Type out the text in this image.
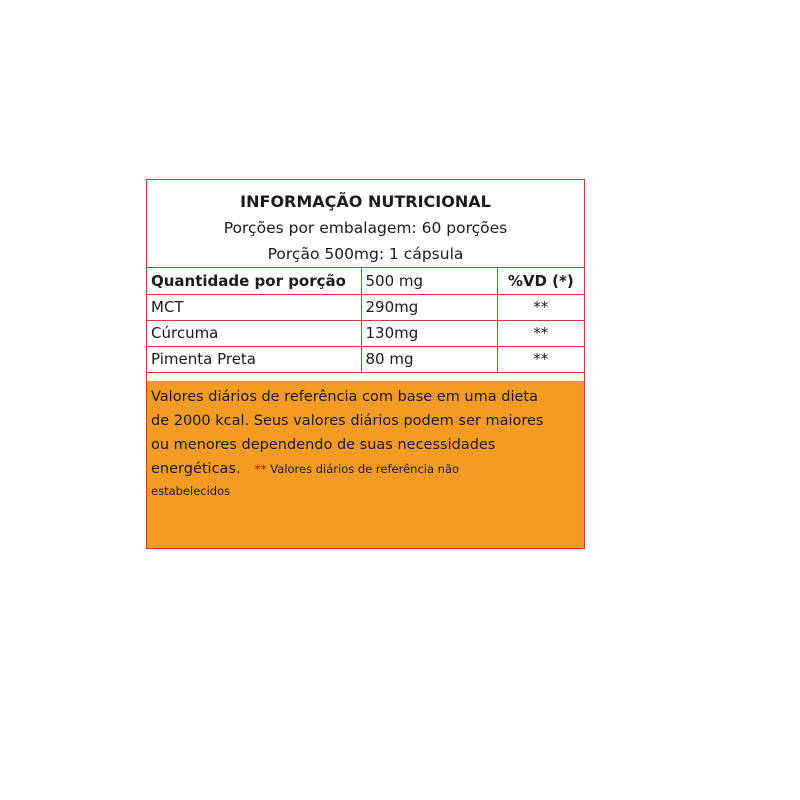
INFORMAÇÃO NUTRICIONAL
Porções por embalagem: 60 porções
Porção 500mg: 1 cápsula
Quantidade por porção	500 mg	%VD (*)
MCT	290mg	**
Cúrcuma	130mg	**
Pimenta Preta	80 mg	**
Valores diários de referência com base em uma dieta
de 2000 kcal. Seus valores diários podem ser maiores
ou menores dependendo de suas necessidades
energéticas. ** Valores diários de referência não
estabelecidos
